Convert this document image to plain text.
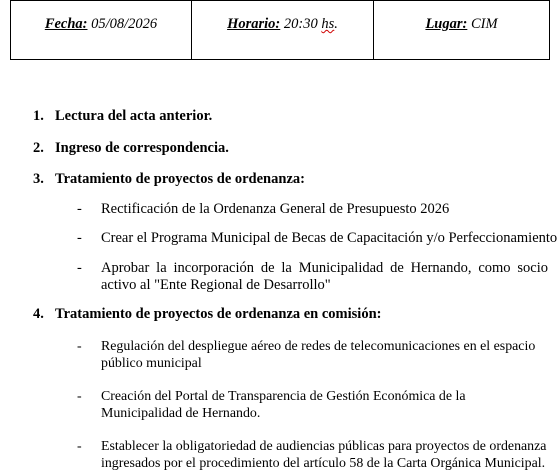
Fecha: 05/08/2026	Horario: 20:30 hs.	Lugar: CIM
1. Lectura del acta anterior.
2. Ingreso de correspondencia.
3. Tratamiento de proyectos de ordenanza:
- Rectificación de la Ordenanza General de Presupuesto 2026
- Crear el Programa Municipal de Becas de Capacitación y/o Perfeccionamiento
- Aprobar la incorporación de la Municipalidad de Hernando, como socio
activo al "Ente Regional de Desarrollo"
4. Tratamiento de proyectos de ordenanza en comisión:
- Regulación del despliegue aéreo de redes de telecomunicaciones en el espacio
público municipal
- Creación del Portal de Transparencia de Gestión Económica de la
Municipalidad de Hernando.
- Establecer la obligatoriedad de audiencias públicas para proyectos de ordenanza
ingresados por el procedimiento del artículo 58 de la Carta Orgánica Municipal.
